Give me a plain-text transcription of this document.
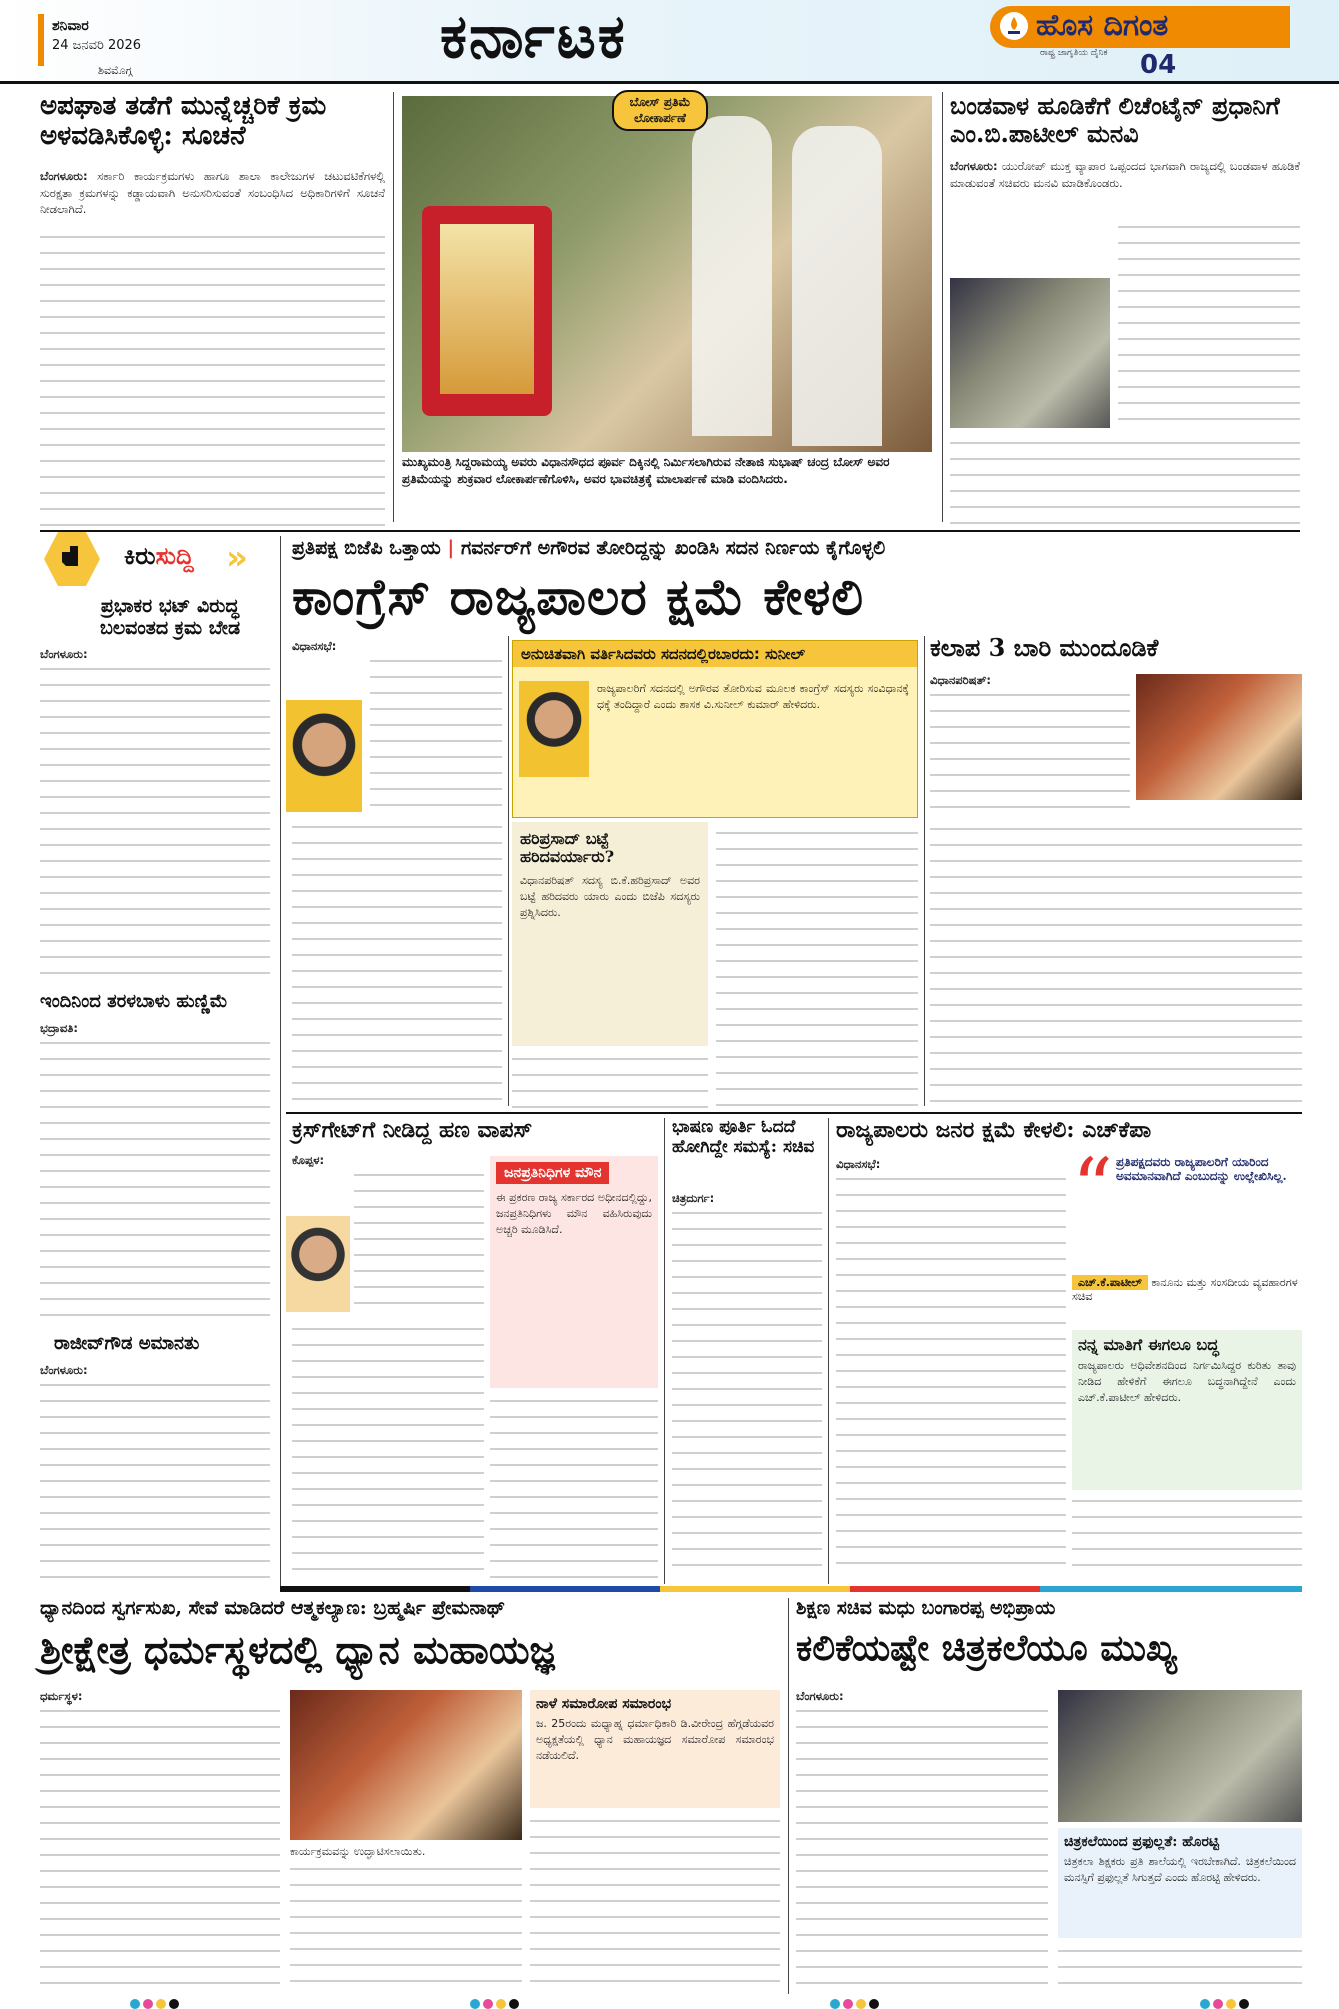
ಶನಿವಾರ
24 ಜನವರಿ 2026
ಶಿವಮೊಗ್ಗ	ಕರ್ನಾಟಕ	ಹೊಸ ದಿಗಂತ
ರಾಷ್ಟ್ರ ಜಾಗೃತಿಯ ದೈನಿಕ 04
ಅಪಘಾತ ತಡೆಗೆ ಮುನ್ನೆಚ್ಚರಿಕೆ ಕ್ರಮ ಅಳವಡಿಸಿಕೊಳ್ಳಿ: ಸೂಚನೆ
ಬೆಂಗಳೂರು: ಸರ್ಕಾರಿ ಕಾರ್ಯಕ್ರಮಗಳು ಹಾಗೂ ಶಾಲಾ ಕಾಲೇಜುಗಳ ಚಟುವಟಿಕೆಗಳಲ್ಲಿ ಸುರಕ್ಷತಾ ಕ್ರಮಗಳನ್ನು ಕಡ್ಡಾಯವಾಗಿ ಅನುಸರಿಸುವಂತೆ ಸಂಬಂಧಿಸಿದ ಅಧಿಕಾರಿಗಳಿಗೆ ಸೂಚನೆ ನೀಡಲಾಗಿದೆ.
ಬೋಸ್ ಪ್ರತಿಮೆ ಲೋಕಾರ್ಪಣೆ
ಮುಖ್ಯಮಂತ್ರಿ ಸಿದ್ದರಾಮಯ್ಯ ಅವರು ವಿಧಾನಸೌಧದ ಪೂರ್ವ ದಿಕ್ಕಿನಲ್ಲಿ ನಿರ್ಮಿಸಲಾಗಿರುವ ನೇತಾಜಿ ಸುಭಾಷ್ ಚಂದ್ರ ಬೋಸ್ ಅವರ ಪ್ರತಿಮೆಯನ್ನು ಶುಕ್ರವಾರ ಲೋಕಾರ್ಪಣೆಗೊಳಿಸಿ, ಅವರ ಭಾವಚಿತ್ರಕ್ಕೆ ಮಾಲಾರ್ಪಣೆ ಮಾಡಿ ವಂದಿಸಿದರು.
ಬಂಡವಾಳ ಹೂಡಿಕೆಗೆ ಲಿಚೆಂಟೈನ್ ಪ್ರಧಾನಿಗೆ ಎಂ.ಬಿ.ಪಾಟೀಲ್ ಮನವಿ
ಬೆಂಗಳೂರು: ಯುರೋಪ್ ಮುಕ್ತ ವ್ಯಾಪಾರ ಒಪ್ಪಂದದ ಭಾಗವಾಗಿ ರಾಜ್ಯದಲ್ಲಿ ಬಂಡವಾಳ ಹೂಡಿಕೆ ಮಾಡುವಂತೆ ಸಚಿವರು ಮನವಿ ಮಾಡಿಕೊಂಡರು.
ಕಿರುಸುದ್ದಿ »
ಪ್ರಭಾಕರ ಭಟ್ ವಿರುದ್ಧ ಬಲವಂತದ ಕ್ರಮ ಬೇಡ
ಬೆಂಗಳೂರು:
ಇಂದಿನಿಂದ ತರಳಬಾಳು ಹುಣ್ಣಿಮೆ
ಭದ್ರಾವತಿ:
ರಾಜೀವ್‌ಗೌಡ ಅಮಾನತು
ಬೆಂಗಳೂರು:
ಪ್ರತಿಪಕ್ಷ ಬಿಜೆಪಿ ಒತ್ತಾಯ | ಗವರ್ನರ್‌ಗೆ ಅಗೌರವ ತೋರಿದ್ದನ್ನು ಖಂಡಿಸಿ ಸದನ ನಿರ್ಣಯ ಕೈಗೊಳ್ಳಲಿ
ಕಾಂಗ್ರೆಸ್ ರಾಜ್ಯಪಾಲರ ಕ್ಷಮೆ ಕೇಳಲಿ
ವಿಧಾನಸಭೆ:	ಅನುಚಿತವಾಗಿ ವರ್ತಿಸಿದವರು ಸದನದಲ್ಲಿರಬಾರದು: ಸುನೀಲ್
ರಾಜ್ಯಪಾಲರಿಗೆ ಸದನದಲ್ಲಿ ಅಗೌರವ ತೋರಿಸುವ ಮೂಲಕ ಕಾಂಗ್ರೆಸ್ ಸದಸ್ಯರು ಸಂವಿಧಾನಕ್ಕೆ ಧಕ್ಕೆ ತಂದಿದ್ದಾರೆ ಎಂದು ಶಾಸಕ ವಿ.ಸುನೀಲ್ ಕುಮಾರ್ ಹೇಳಿದರು.
ಹರಿಪ್ರಸಾದ್ ಬಟ್ಟೆ ಹರಿದವರ್ಯಾರು?
ವಿಧಾನಪರಿಷತ್ ಸದಸ್ಯ ಬಿ.ಕೆ.ಹರಿಪ್ರಸಾದ್ ಅವರ ಬಟ್ಟೆ ಹರಿದವರು ಯಾರು ಎಂದು ಬಿಜೆಪಿ ಸದಸ್ಯರು ಪ್ರಶ್ನಿಸಿದರು.
ಕಲಾಪ 3 ಬಾರಿ ಮುಂದೂಡಿಕೆ
ವಿಧಾನಪರಿಷತ್:
ಕ್ರಸ್‌ಗೇಟ್‌ಗೆ ನೀಡಿದ್ದ ಹಣ ವಾಪಸ್
ಕೊಪ್ಪಳ:
ಜನಪ್ರತಿನಿಧಿಗಳ ಮೌನ
ಈ ಪ್ರಕರಣ ರಾಜ್ಯ ಸರ್ಕಾರದ ಅಧೀನದಲ್ಲಿದ್ದು, ಜನಪ್ರತಿನಿಧಿಗಳು ಮೌನ ವಹಿಸಿರುವುದು ಅಚ್ಚರಿ ಮೂಡಿಸಿದೆ.
ಭಾಷಣ ಪೂರ್ತಿ ಓದದೆ ಹೋಗಿದ್ದೇ ಸಮಸ್ಯೆ: ಸಚಿವ
ಚಿತ್ರದುರ್ಗ:
ರಾಜ್ಯಪಾಲರು ಜನರ ಕ್ಷಮೆ ಕೇಳಲಿ: ಎಚ್‌ಕೆಪಾ
ವಿಧಾನಸಭೆ:	“ ಪ್ರತಿಪಕ್ಷದವರು ರಾಜ್ಯಪಾಲರಿಗೆ ಯಾರಿಂದ ಅವಮಾನವಾಗಿದೆ ಎಂಬುದನ್ನು ಉಲ್ಲೇಖಿಸಿಲ್ಲ.
ಎಚ್.ಕೆ.ಪಾಟೀಲ್ ಕಾನೂನು ಮತ್ತು ಸಂಸದೀಯ ವ್ಯವಹಾರಗಳ ಸಚಿವ
ನನ್ನ ಮಾತಿಗೆ ಈಗಲೂ ಬದ್ಧ
ರಾಜ್ಯಪಾಲರು ಅಧಿವೇಶನದಿಂದ ನಿರ್ಗಮಿಸಿದ್ದರ ಕುರಿತು ತಾವು ನೀಡಿದ ಹೇಳಿಕೆಗೆ ಈಗಲೂ ಬದ್ಧನಾಗಿದ್ದೇನೆ ಎಂದು ಎಚ್.ಕೆ.ಪಾಟೀಲ್ ಹೇಳಿದರು.
ಧ್ಯಾನದಿಂದ ಸ್ವರ್ಗಸುಖ, ಸೇವೆ ಮಾಡಿದರೆ ಆತ್ಮಕಲ್ಯಾಣ: ಬ್ರಹ್ಮರ್ಷಿ ಪ್ರೇಮನಾಥ್
ಶ್ರೀಕ್ಷೇತ್ರ ಧರ್ಮಸ್ಥಳದಲ್ಲಿ ಧ್ಯಾನ ಮಹಾಯಜ್ಞ
ಧರ್ಮಸ್ಥಳ:
ಕಾರ್ಯಕ್ರಮವನ್ನು ಉದ್ಘಾಟಿಸಲಾಯಿತು.
ನಾಳೆ ಸಮಾರೋಪ ಸಮಾರಂಭ
ಜ. 25ರಂದು ಮಧ್ಯಾಹ್ನ ಧರ್ಮಾಧಿಕಾರಿ ಡಿ.ವೀರೇಂದ್ರ ಹೆಗ್ಗಡೆಯವರ ಅಧ್ಯಕ್ಷತೆಯಲ್ಲಿ ಧ್ಯಾನ ಮಹಾಯಜ್ಞದ ಸಮಾರೋಪ ಸಮಾರಂಭ ನಡೆಯಲಿದೆ.
ಶಿಕ್ಷಣ ಸಚಿವ ಮಧು ಬಂಗಾರಪ್ಪ ಅಭಿಪ್ರಾಯ
ಕಲಿಕೆಯಷ್ಟೇ ಚಿತ್ರಕಲೆಯೂ ಮುಖ್ಯ
ಬೆಂಗಳೂರು:
ಚಿತ್ರಕಲೆಯಿಂದ ಪ್ರಫುಲ್ಲತೆ: ಹೊರಟ್ಟಿ
ಚಿತ್ರಕಲಾ ಶಿಕ್ಷಕರು ಪ್ರತಿ ಶಾಲೆಯಲ್ಲಿ ಇರಬೇಕಾಗಿದೆ. ಚಿತ್ರಕಲೆಯಿಂದ ಮನಸ್ಸಿಗೆ ಪ್ರಫುಲ್ಲತೆ ಸಿಗುತ್ತದೆ ಎಂದು ಹೊರಟ್ಟಿ ಹೇಳಿದರು.
